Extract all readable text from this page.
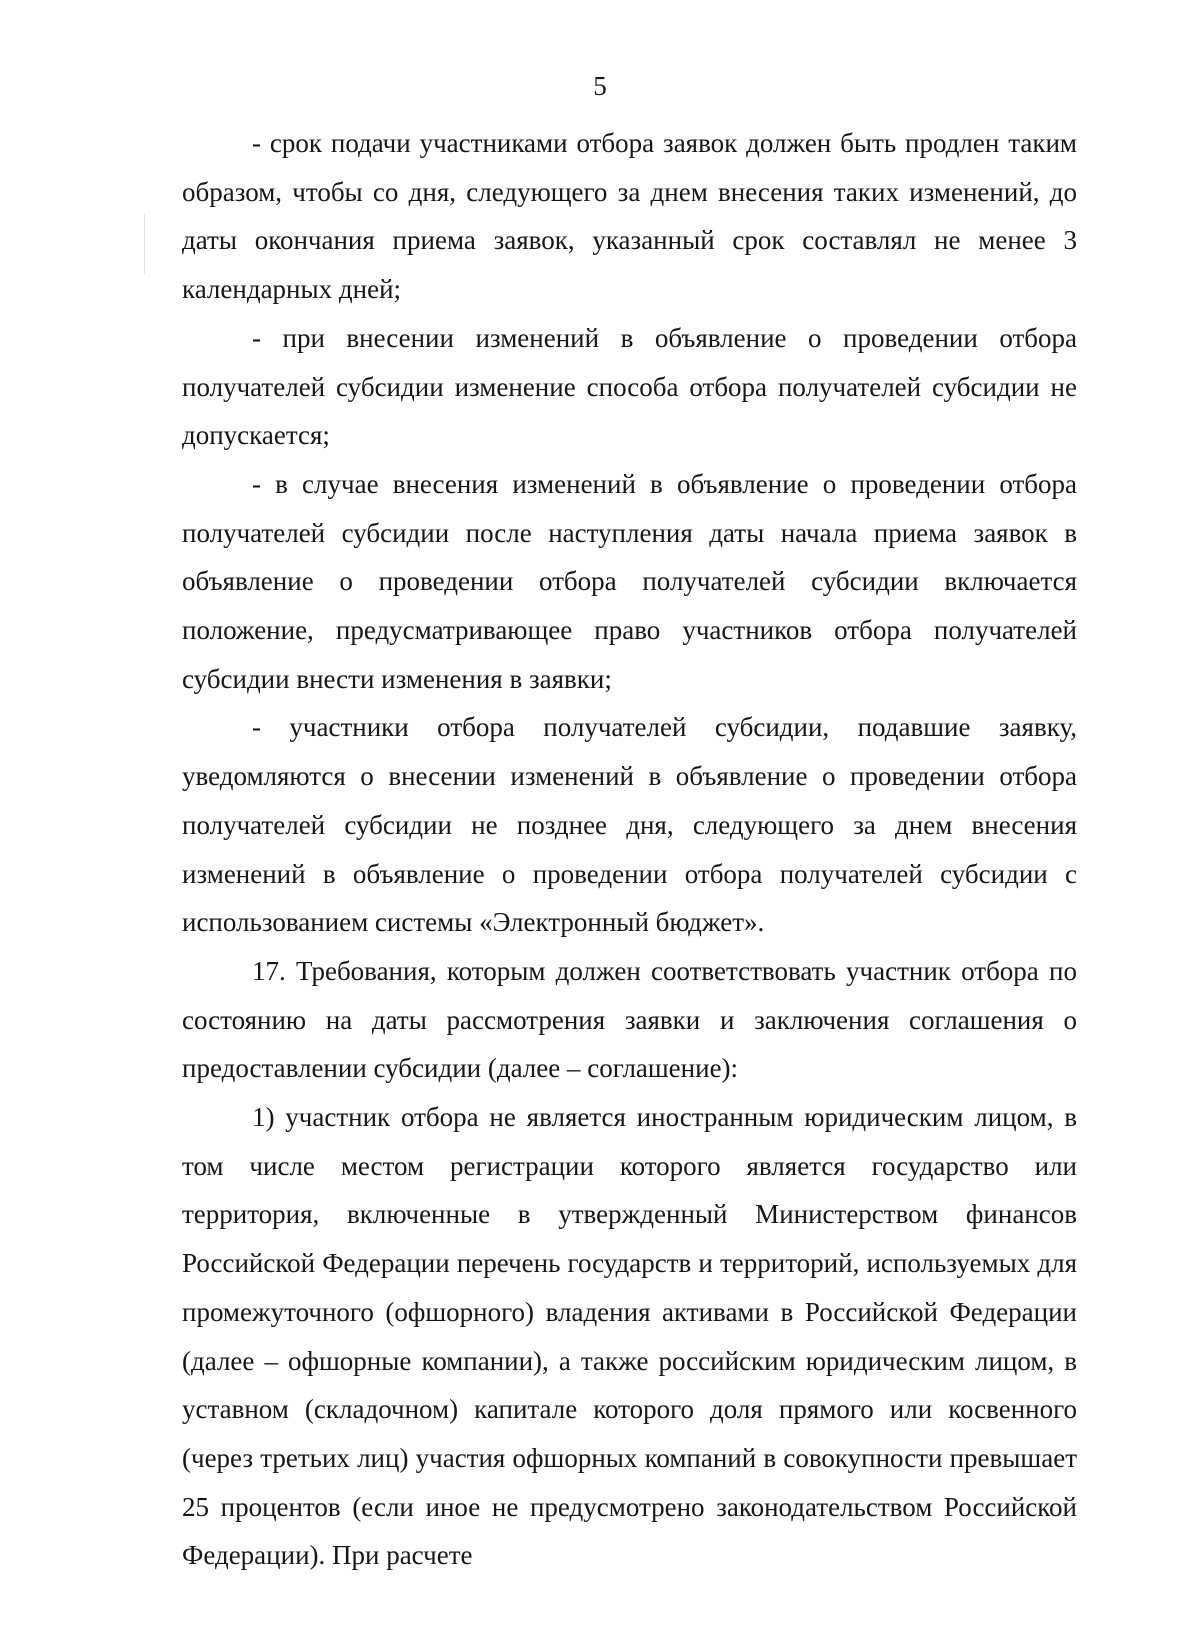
5

- срок подачи участниками отбора заявок должен быть продлен таким образом, чтобы со дня, следующего за днем внесения таких изменений, до даты окончания приема заявок, указанный срок составлял не менее 3 календарных дней;

- при внесении изменений в объявление о проведении отбора получателей субсидии изменение способа отбора получателей субсидии не допускается;

- в случае внесения изменений в объявление о проведении отбора получателей субсидии после наступления даты начала приема заявок в объявление о проведении отбора получателей субсидии включается положение, предусматривающее право участников отбора получателей субсидии внести изменения в заявки;

- участники отбора получателей субсидии, подавшие заявку, уведомляются о внесении изменений в объявление о проведении отбора получателей субсидии не позднее дня, следующего за днем внесения изменений в объявление о проведении отбора получателей субсидии с использованием системы «Электронный бюджет».

17. Требования, которым должен соответствовать участник отбора по состоянию на даты рассмотрения заявки и заключения соглашения о предоставлении субсидии (далее – соглашение):

1) участник отбора не является иностранным юридическим лицом, в том числе местом регистрации которого является государство или территория, включенные в утвержденный Министерством финансов Российской Федерации перечень государств и территорий, используемых для промежуточного (офшорного) владения активами в Российской Федерации (далее – офшорные компании), а также российским юридическим лицом, в уставном (складочном) капитале которого доля прямого или косвенного (через третьих лиц) участия офшорных компаний в совокупности превышает 25 процентов (если иное не предусмотрено законодательством Российской Федерации). При расчете
